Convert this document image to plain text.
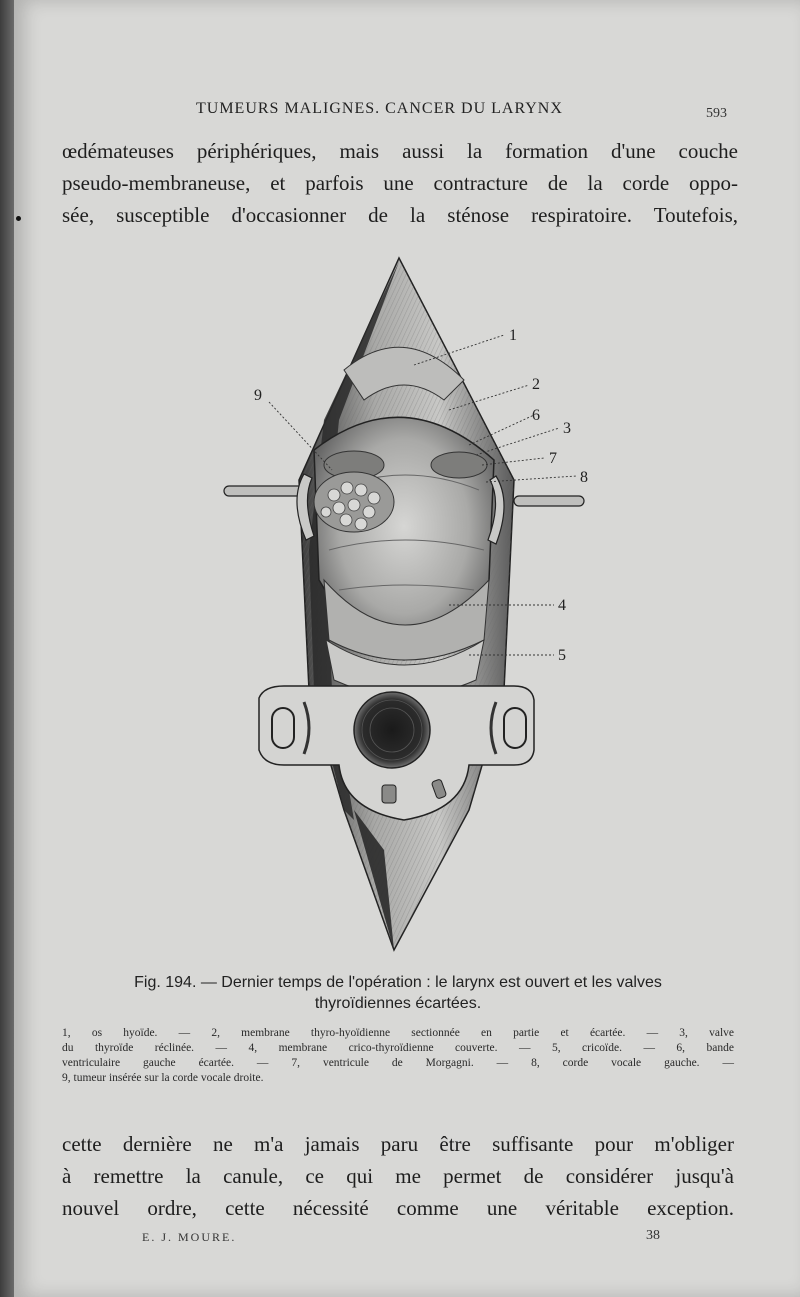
TUMEURS MALIGNES. CANCER DU LARYNX	593
œdémateuses périphériques, mais aussi la formation d'une couche
pseudo-membraneuse, et parfois une contracture de la corde oppo-
sée, susceptible d'occasionner de la sténose respiratoire. Toutefois,
1
2
6
3
7
8
9
4
5
Fig. 194. — Dernier temps de l'opération : le larynx est ouvert et les valves
thyroïdiennes écartées.
1, os hyoïde. — 2, membrane thyro-hyoïdienne sectionnée en partie et écartée. — 3, valve
du thyroïde réclinée. — 4, membrane crico-thyroïdienne couverte. — 5, cricoïde. — 6, bande
ventriculaire gauche écartée. — 7, ventricule de Morgagni. — 8, corde vocale gauche. —
9, tumeur insérée sur la corde vocale droite.
cette dernière ne m'a jamais paru être suffisante pour m'obliger
à remettre la canule, ce qui me permet de considérer jusqu'à
nouvel ordre, cette nécessité comme une véritable exception.
E. J. MOURE.	38
